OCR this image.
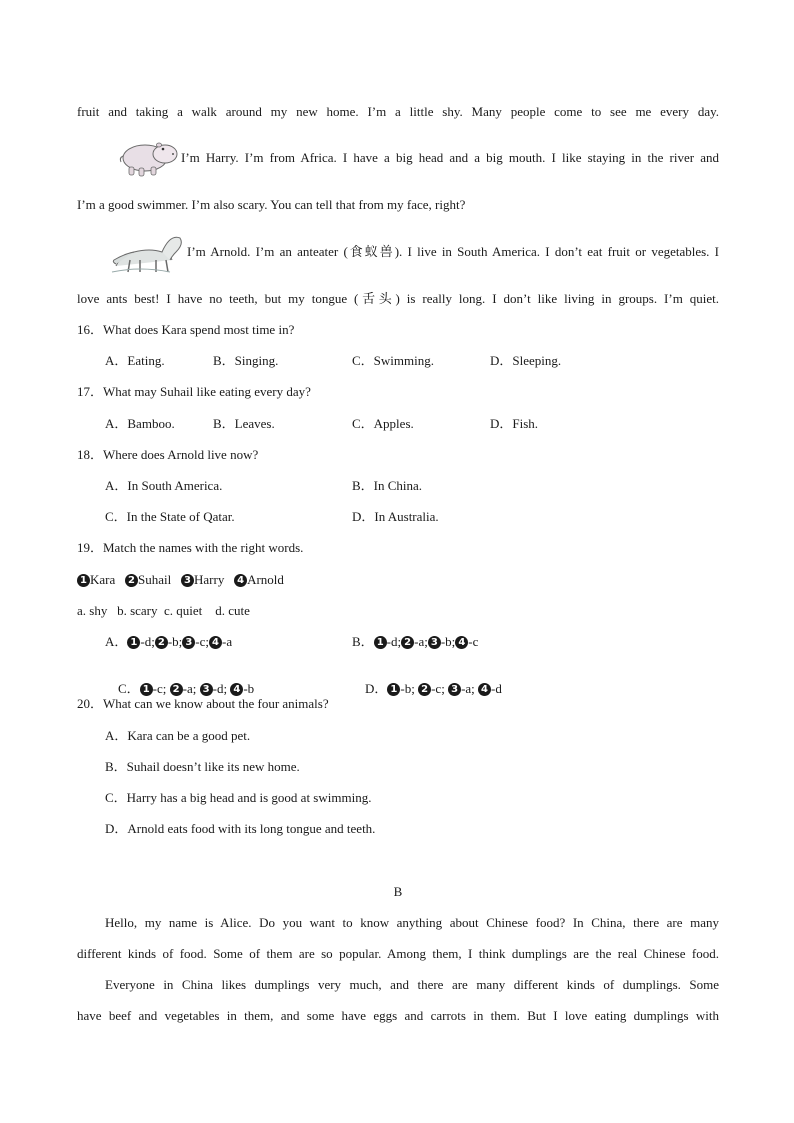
fruit and taking a walk around my new home. I’m a little shy. Many people come to see me every day.
I’m Harry. I’m from Africa. I have a big head and a big mouth. I like staying in the river and
I’m a good swimmer. I’m also scary. You can tell that from my face, right?
I’m Arnold. I’m an anteater (食蚁兽). I live in South America. I don’t eat fruit or vegetables. I
love ants best! I have no teeth, but my tongue (舌头) is really long. I don’t like living in groups. I’m quiet.
16．What does Kara spend most time in?
A．Eating.	B．Singing.	C．Swimming.	D．Sleeping.
17．What may Suhail like eating every day?
A．Bamboo.	B．Leaves.	C．Apples.	D．Fish.
18．Where does Arnold live now?
A．In South America.	B．In China.
C．In the State of Qatar.	D．In Australia.
19．Match the names with the right words.
1 Kara 2 Suhail 3 Harry 4 Arnold
a. shy   b. scary  c. quiet    d. cute
A． 1 -d; 2 -b; 3 -c; 4 -a	B． 1 -d; 2 -a; 3 -b; 4 -c

C． 1 -c; 2 -a; 3 -d; 4 -b
	D． 1 -b; 2 -c; 3 -a; 4 -d

20．What can we know about the four animals?
A．Kara can be a good pet.
B．Suhail doesn’t like its new home.
C．Harry has a big head and is good at swimming.
D．Arnold eats food with its long tongue and teeth.
B
Hello, my name is Alice. Do you want to know anything about Chinese food? In China, there are many
different kinds of food. Some of them are so popular. Among them, I think dumplings are the real Chinese food.
Everyone in China likes dumplings very much, and there are many different kinds of dumplings. Some
have beef and vegetables in them, and some have eggs and carrots in them. But I love eating dumplings with
